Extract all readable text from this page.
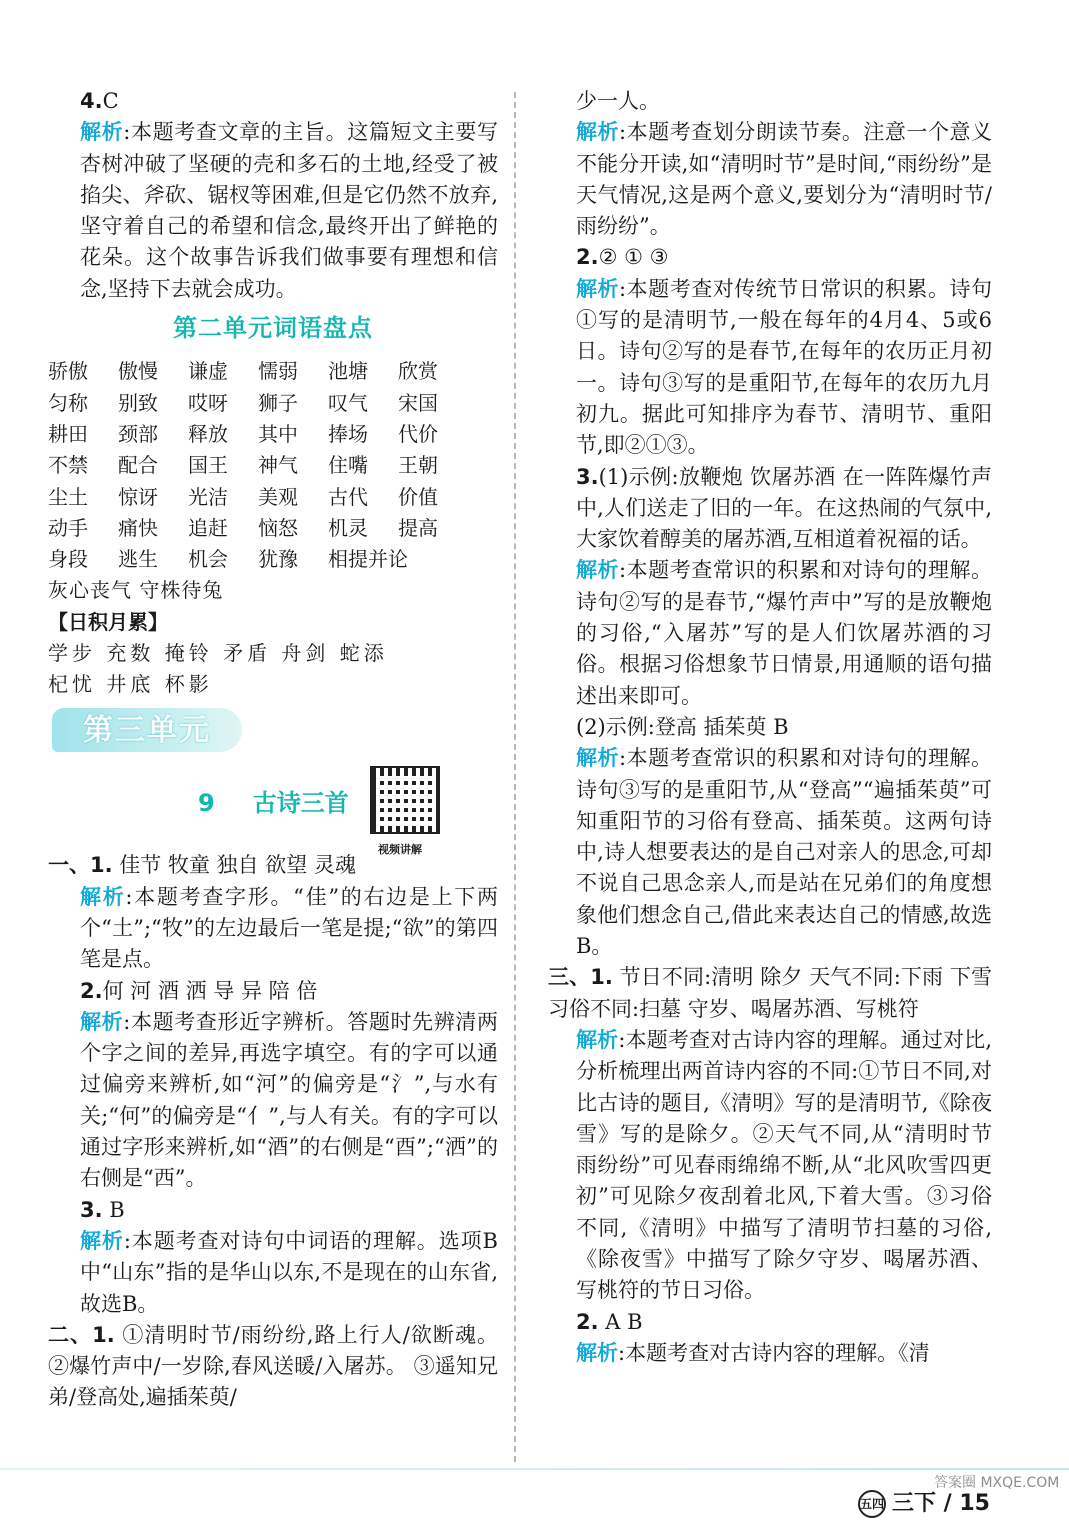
4.C

解析:本题考查文章的主旨。这篇短文主要写杏树冲破了坚硬的壳和多石的土地,经受了被掐尖、斧砍、锯杈等困难,但是它仍然不放弃,坚守着自己的希望和信念,最终开出了鲜艳的花朵。这个故事告诉我们做事要有理想和信念,坚持下去就会成功。

第二单元词语盘点
骄傲	傲慢	谦虚	懦弱	池塘	欣赏
匀称	别致	哎呀	狮子	叹气	宋国
耕田	颈部	释放	其中	捧场	代价
不禁	配合	国王	神气	住嘴	王朝
尘土	惊讶	光洁	美观	古代	价值
动手	痛快	追赶	恼怒	机灵	提高
身段	逃生	机会	犹豫	相提并论
灰心丧气 守株待兔
【日积月累】
学步 充数 掩铃 矛盾 舟剑 蛇添
杞忧 井底 杯影
第三单元
9 古诗三首
视频讲解

一、1. 佳节 牧童 独自 欲望 灵魂

解析:本题考查字形。“佳”的右边是上下两个“土”;“牧”的左边最后一笔是提;“欲”的第四笔是点。

2.何 河 酒 洒 导 异 陪 倍

解析:本题考查形近字辨析。答题时先辨清两个字之间的差异,再选字填空。有的字可以通过偏旁来辨析,如“河”的偏旁是“氵”,与水有关;“何”的偏旁是“亻”,与人有关。有的字可以通过字形来辨析,如“酒”的右侧是“酉”;“洒”的右侧是“西”。

3. B

解析:本题考查对诗句中词语的理解。选项B中“山东”指的是华山以东,不是现在的山东省,故选B。

二、1. ①清明时节/雨纷纷,路上行人/欲断魂。 ②爆竹声中/一岁除,春风送暖/入屠苏。 ③遥知兄弟/登高处,遍插茱萸/

少一人。

解析:本题考查划分朗读节奏。注意一个意义不能分开读,如“清明时节”是时间,“雨纷纷”是天气情况,这是两个意义,要划分为“清明时节/雨纷纷”。

2.② ① ③

解析:本题考查对传统节日常识的积累。诗句①写的是清明节,一般在每年的4月4、5或6日。诗句②写的是春节,在每年的农历正月初一。诗句③写的是重阳节,在每年的农历九月初九。据此可知排序为春节、清明节、重阳节,即②①③。

3.(1)示例:放鞭炮 饮屠苏酒 在一阵阵爆竹声中,人们送走了旧的一年。在这热闹的气氛中,大家饮着醇美的屠苏酒,互相道着祝福的话。

解析:本题考查常识的积累和对诗句的理解。诗句②写的是春节,“爆竹声中”写的是放鞭炮的习俗,“入屠苏”写的是人们饮屠苏酒的习俗。根据习俗想象节日情景,用通顺的语句描述出来即可。

(2)示例:登高 插茱萸 B

解析:本题考查常识的积累和对诗句的理解。诗句③写的是重阳节,从“登高”“遍插茱萸”可知重阳节的习俗有登高、插茱萸。这两句诗中,诗人想要表达的是自己对亲人的思念,可却不说自己思念亲人,而是站在兄弟们的角度想象他们想念自己,借此来表达自己的情感,故选B。

三、1. 节日不同:清明 除夕 天气不同:下雨 下雪 习俗不同:扫墓 守岁、喝屠苏酒、写桃符

解析:本题考查对古诗内容的理解。通过对比,分析梳理出两首诗内容的不同:①节日不同,对比古诗的题目,《清明》写的是清明节,《除夜雪》写的是除夕。②天气不同,从“清明时节雨纷纷”可见春雨绵绵不断,从“北风吹雪四更初”可见除夕夜刮着北风,下着大雪。③习俗不同,《清明》中描写了清明节扫墓的习俗,《除夜雪》中描写了除夕守岁、喝屠苏酒、写桃符的节日习俗。

2. A B

解析:本题考查对古诗内容的理解。《清

答案圈 MXQE.COM
五四 三下 / 15
